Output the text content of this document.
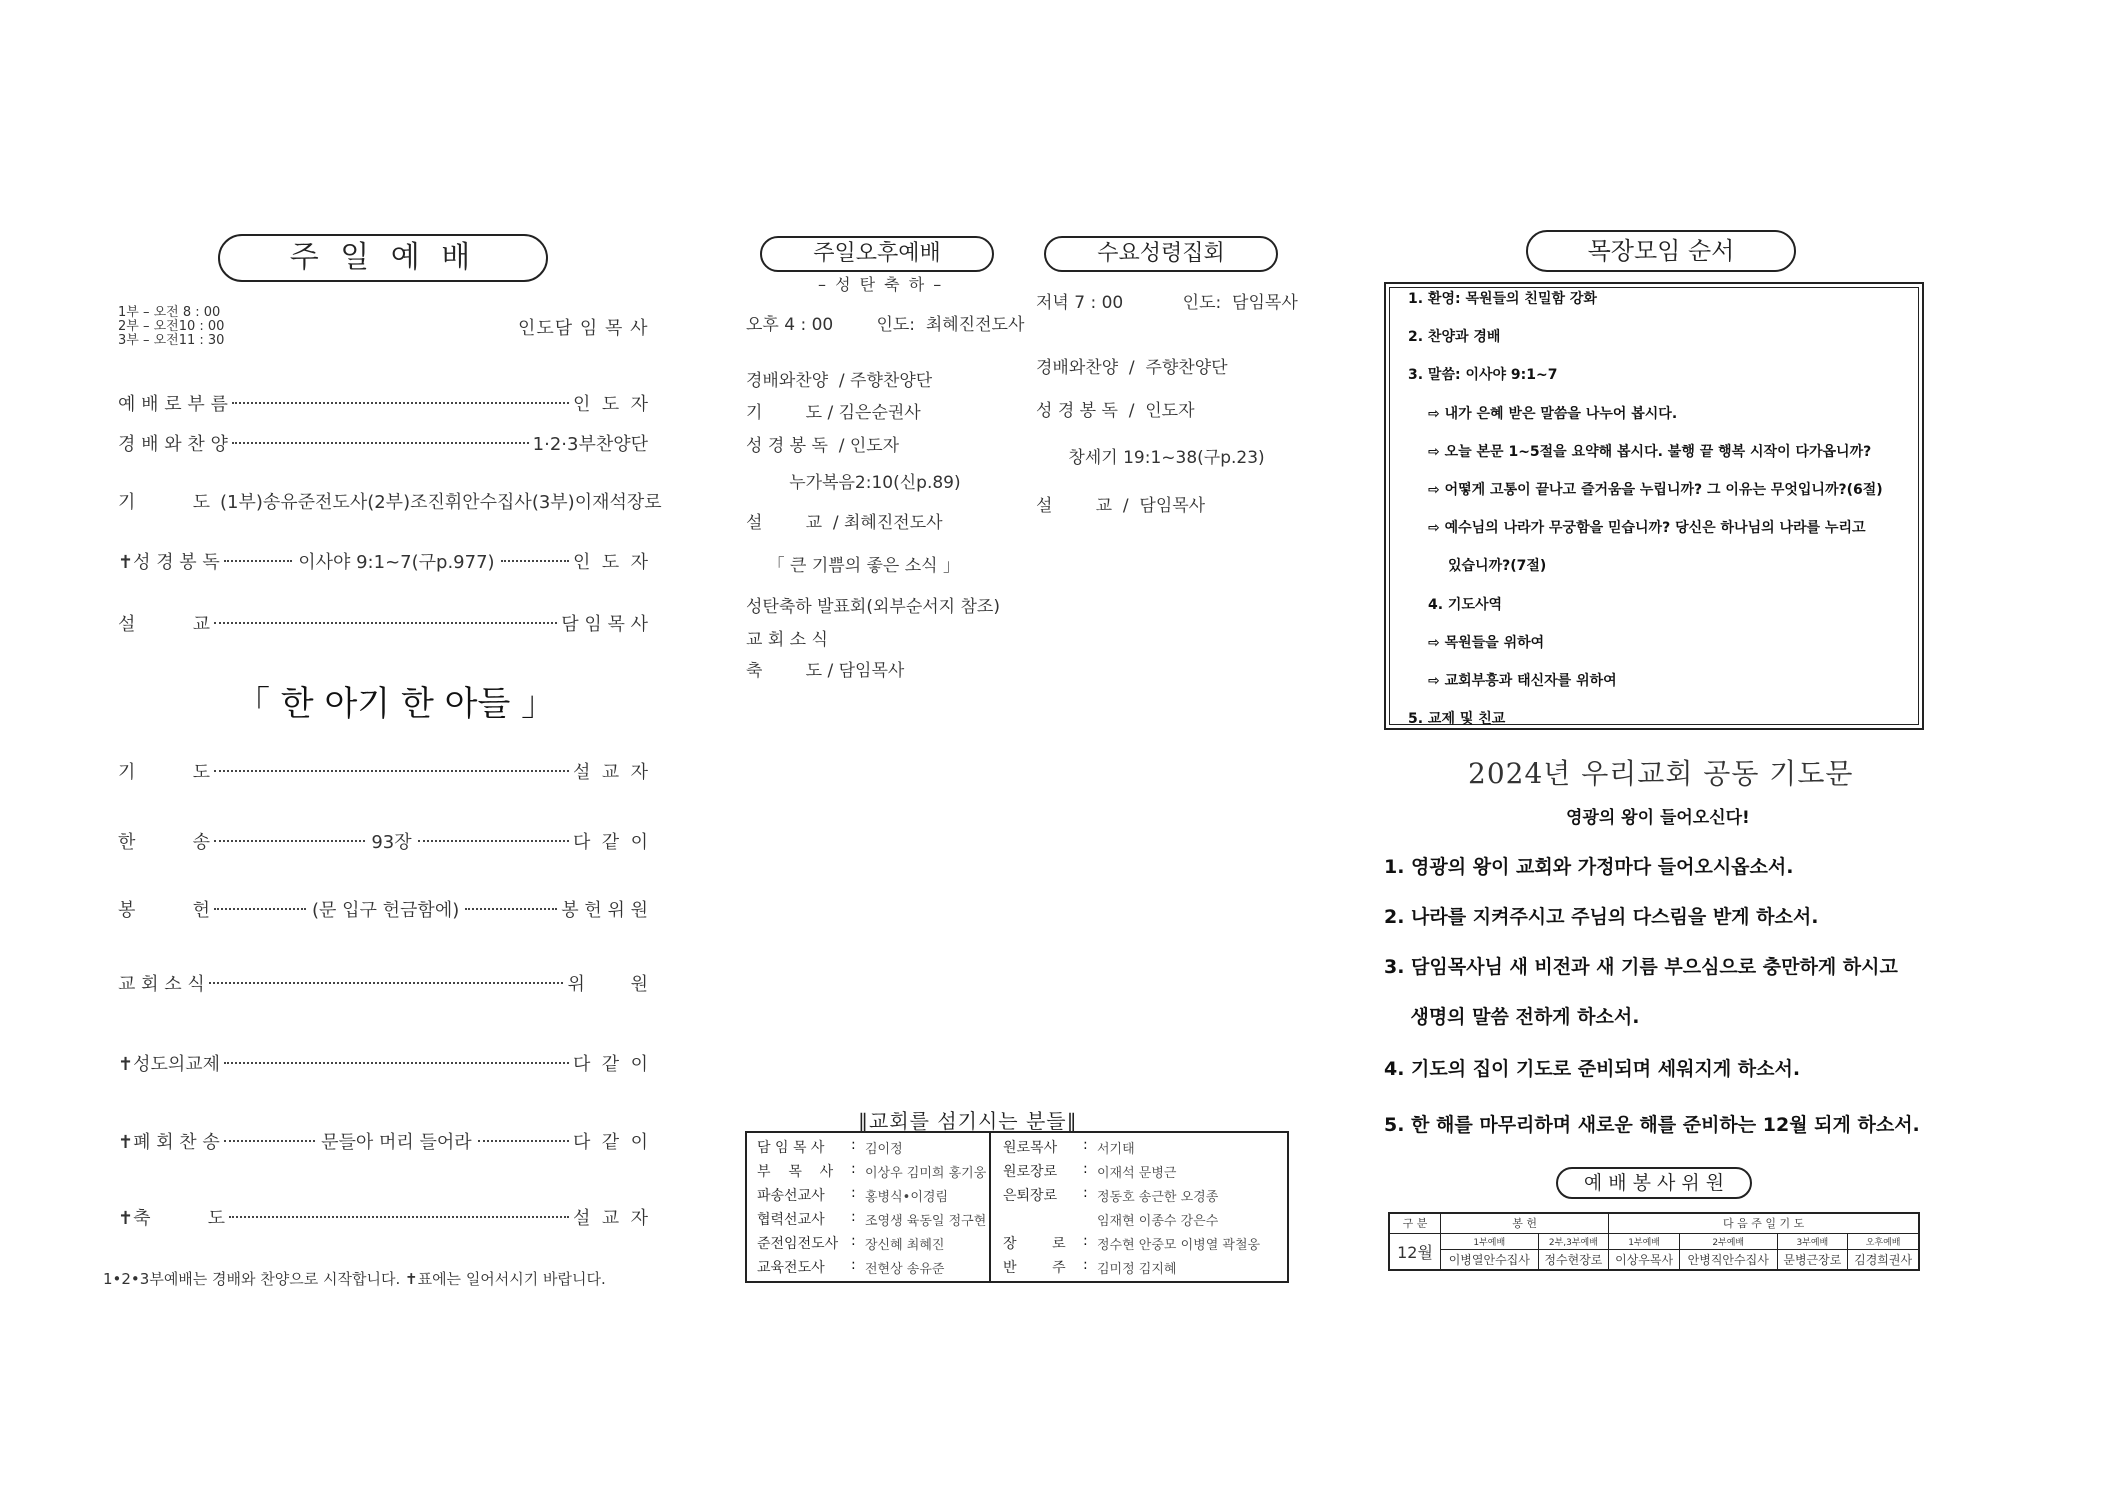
주 일 예 배
1부 – 오전 8 : 00
2부 – 오전10 : 00
3부 – 오전11 : 30
인도담 임 목 사
예 배 로 부 름	인  도  자
경 배 와 찬 양	1·2·3부찬양단
기          도 (1부)송유준전도사(2부)조진휘안수집사(3부)이재석장로
✝성 경 봉 독	이사야 9:1~7(구p.977)	인  도  자
설          교	담 임 목 사
「 한 아기 한 아들 」
기          도	설  교  자
한          송	93장	다  같  이
봉          헌	(문 입구 헌금함에)	봉 헌 위 원
교 회 소 식	위        원
✝성도의교제	다  같  이
✝폐 회 찬 송	문들아 머리 들어라	다  같  이
✝축          도	설  교  자
1•2•3부예배는 경배와 찬양으로 시작합니다. ✝표에는 일어서시기 바랍니다.
주일오후예배
– 성 탄 축 하 –
오후 4 : 00        인도:  최혜진전도사
경배와찬양  / 주향찬양단
기        도 / 김은순권사
성 경 봉 독  / 인도자
누가복음2:10(신p.89)
설        교  / 최혜진전도사
「 큰 기쁨의 좋은 소식 」
성탄축하 발표회(외부순서지 참조)
교 회 소 식
축        도 / 담임목사
수요성령집회
저녁 7 : 00           인도:  담임목사
경배와찬양  /  주향찬양단
성 경 봉 독  /  인도자
창세기 19:1~38(구p.23)
설        교  /  담임목사
‖교회를 섬기시는 분들‖
담 임 목 사 : 김이정
부    목    사 : 이상우 김미희 홍기웅
파송선교사 : 홍병식•이경림
협력선교사 : 조영생 육동일 정구현
준전임전도사 : 장신혜 최혜진
교육전도사 : 전현상 송유준
원로목사 : 서기태
원로장로 : 이재석 문병근
은퇴장로 : 정동호 송근한 오경종
임재현 이종수 강은수
장        로 : 정수현 안중모 이병열 곽철웅
반        주 : 김미정 김지혜
목장모임 순서
1. 환영: 목원들의 친밀함 강화
2. 찬양과 경배
3. 말씀: 이사야 9:1~7
⇨ 내가 은혜 받은 말씀을 나누어 봅시다.
⇨ 오늘 본문 1~5절을 요약해 봅시다. 불행 끝 행복 시작이 다가옵니까?
⇨ 어떻게 고통이 끝나고 즐거움을 누립니까? 그 이유는 무엇입니까?(6절)
⇨ 예수님의 나라가 무궁함을 믿습니까? 당신은 하나님의 나라를 누리고
있습니까?(7절)
4. 기도사역
⇨ 목원들을 위하여
⇨ 교회부흥과 태신자를 위하여
5. 교제 및 친교
2024년 우리교회 공동 기도문
영광의 왕이 들어오신다!
1. 영광의 왕이 교회와 가정마다 들어오시옵소서.
2. 나라를 지켜주시고 주님의 다스림을 받게 하소서.
3. 담임목사님 새 비전과 새 기름 부으심으로 충만하게 하시고
생명의 말씀 전하게 하소서.
4. 기도의 집이 기도로 준비되며 세워지게 하소서.
5. 한 해를 마무리하며 새로운 해를 준비하는 12월 되게 하소서.
예 배 봉 사 위 원
구 분	봉 헌		다 음 주 일 기 도			
12월	1부예배	2부,3부예배	1부예배	2부예배	3부예배	오후예배
	이병열안수집사	정수현장로	이상우목사	안병직안수집사	문병근장로	김경희권사
